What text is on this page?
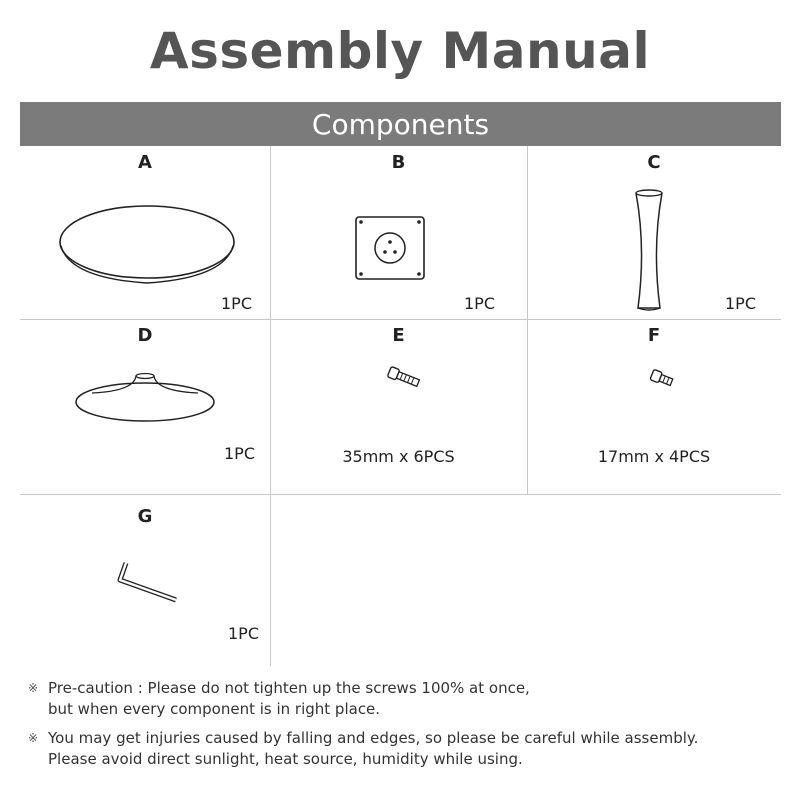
Assembly Manual
Components
A
1PC
B
1PC
C
1PC
D
1PC
E
35mm x 6PCS
F
17mm x 4PCS
G
1PC
※ Pre-caution : Please do not tighten up the screws 100% at once,
but when every component is in right place.
※ You may get injuries caused by falling and edges, so please be careful while assembly.
Please avoid direct sunlight, heat source, humidity while using.
